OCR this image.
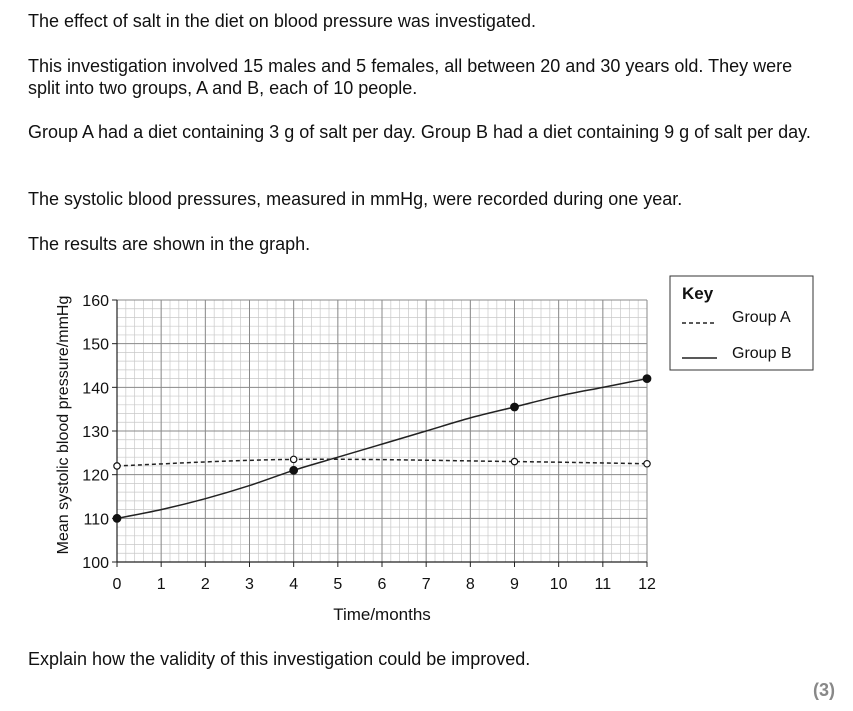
The effect of salt in the diet on blood pressure was investigated.

This investigation involved 15 males and 5 females, all between 20 and 30 years old. They were split into two groups, A and B, each of 10 people.

Group A had a diet containing 3 g of salt per day. Group B had a diet containing 9 g of salt per day.

The systolic blood pressures, measured in mmHg, were recorded during one year.

The results are shown in the graph.

0 1 2 3 4 5 6 7 8 9 10 11 12
100
110
120
130
140
150
160
Time/months
Mean systolic blood pressure/mmHg
Key
Group A
Group B

Explain how the validity of this investigation could be improved.

(3)
